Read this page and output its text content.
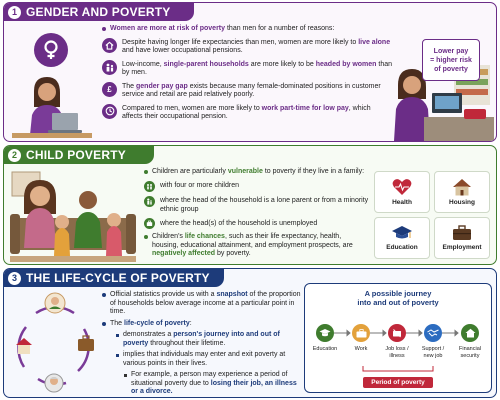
1 GENDER AND POVERTY
Women are more at risk of poverty than men for a number of reasons:
Despite having longer life expectancies than men, women are more likely to live alone and have lower occupational pensions.
Low-income, single-parent households are more likely to be headed by women than by men.
£	The gender pay gap exists because many female-dominated positions in customer service and retail are paid relatively poorly.
Compared to men, women are more likely to work part-time for low pay, which affects their occupational pension.
Lower pay
= higher risk
of poverty
2 CHILD POVERTY
Children are particularly vulnerable to poverty if they live in a family:
with four or more children
where the head of the household is a lone parent or from a minority ethnic group
where the head(s) of the household is unemployed
Children's life chances, such as their life expectancy, health, housing, educational attainment, and employment prospects, are negatively affected by poverty.
Health	Housing
Education	Employment
3 THE LIFE-CYCLE OF POVERTY
Official statistics provide us with a snapshot of the proportion of households below average income at a particular point in time.
The life-cycle of poverty:
demonstrates a person's journey into and out of poverty throughout their lifetime.
implies that individuals may enter and exit poverty at various points in their lives.
For example, a person may experience a period of situational poverty due to losing their job, an illness or a divorce.
A possible journey
into and out of poverty
Education	Work	Job loss / illness
Support / new job
Financial security
Period of poverty
